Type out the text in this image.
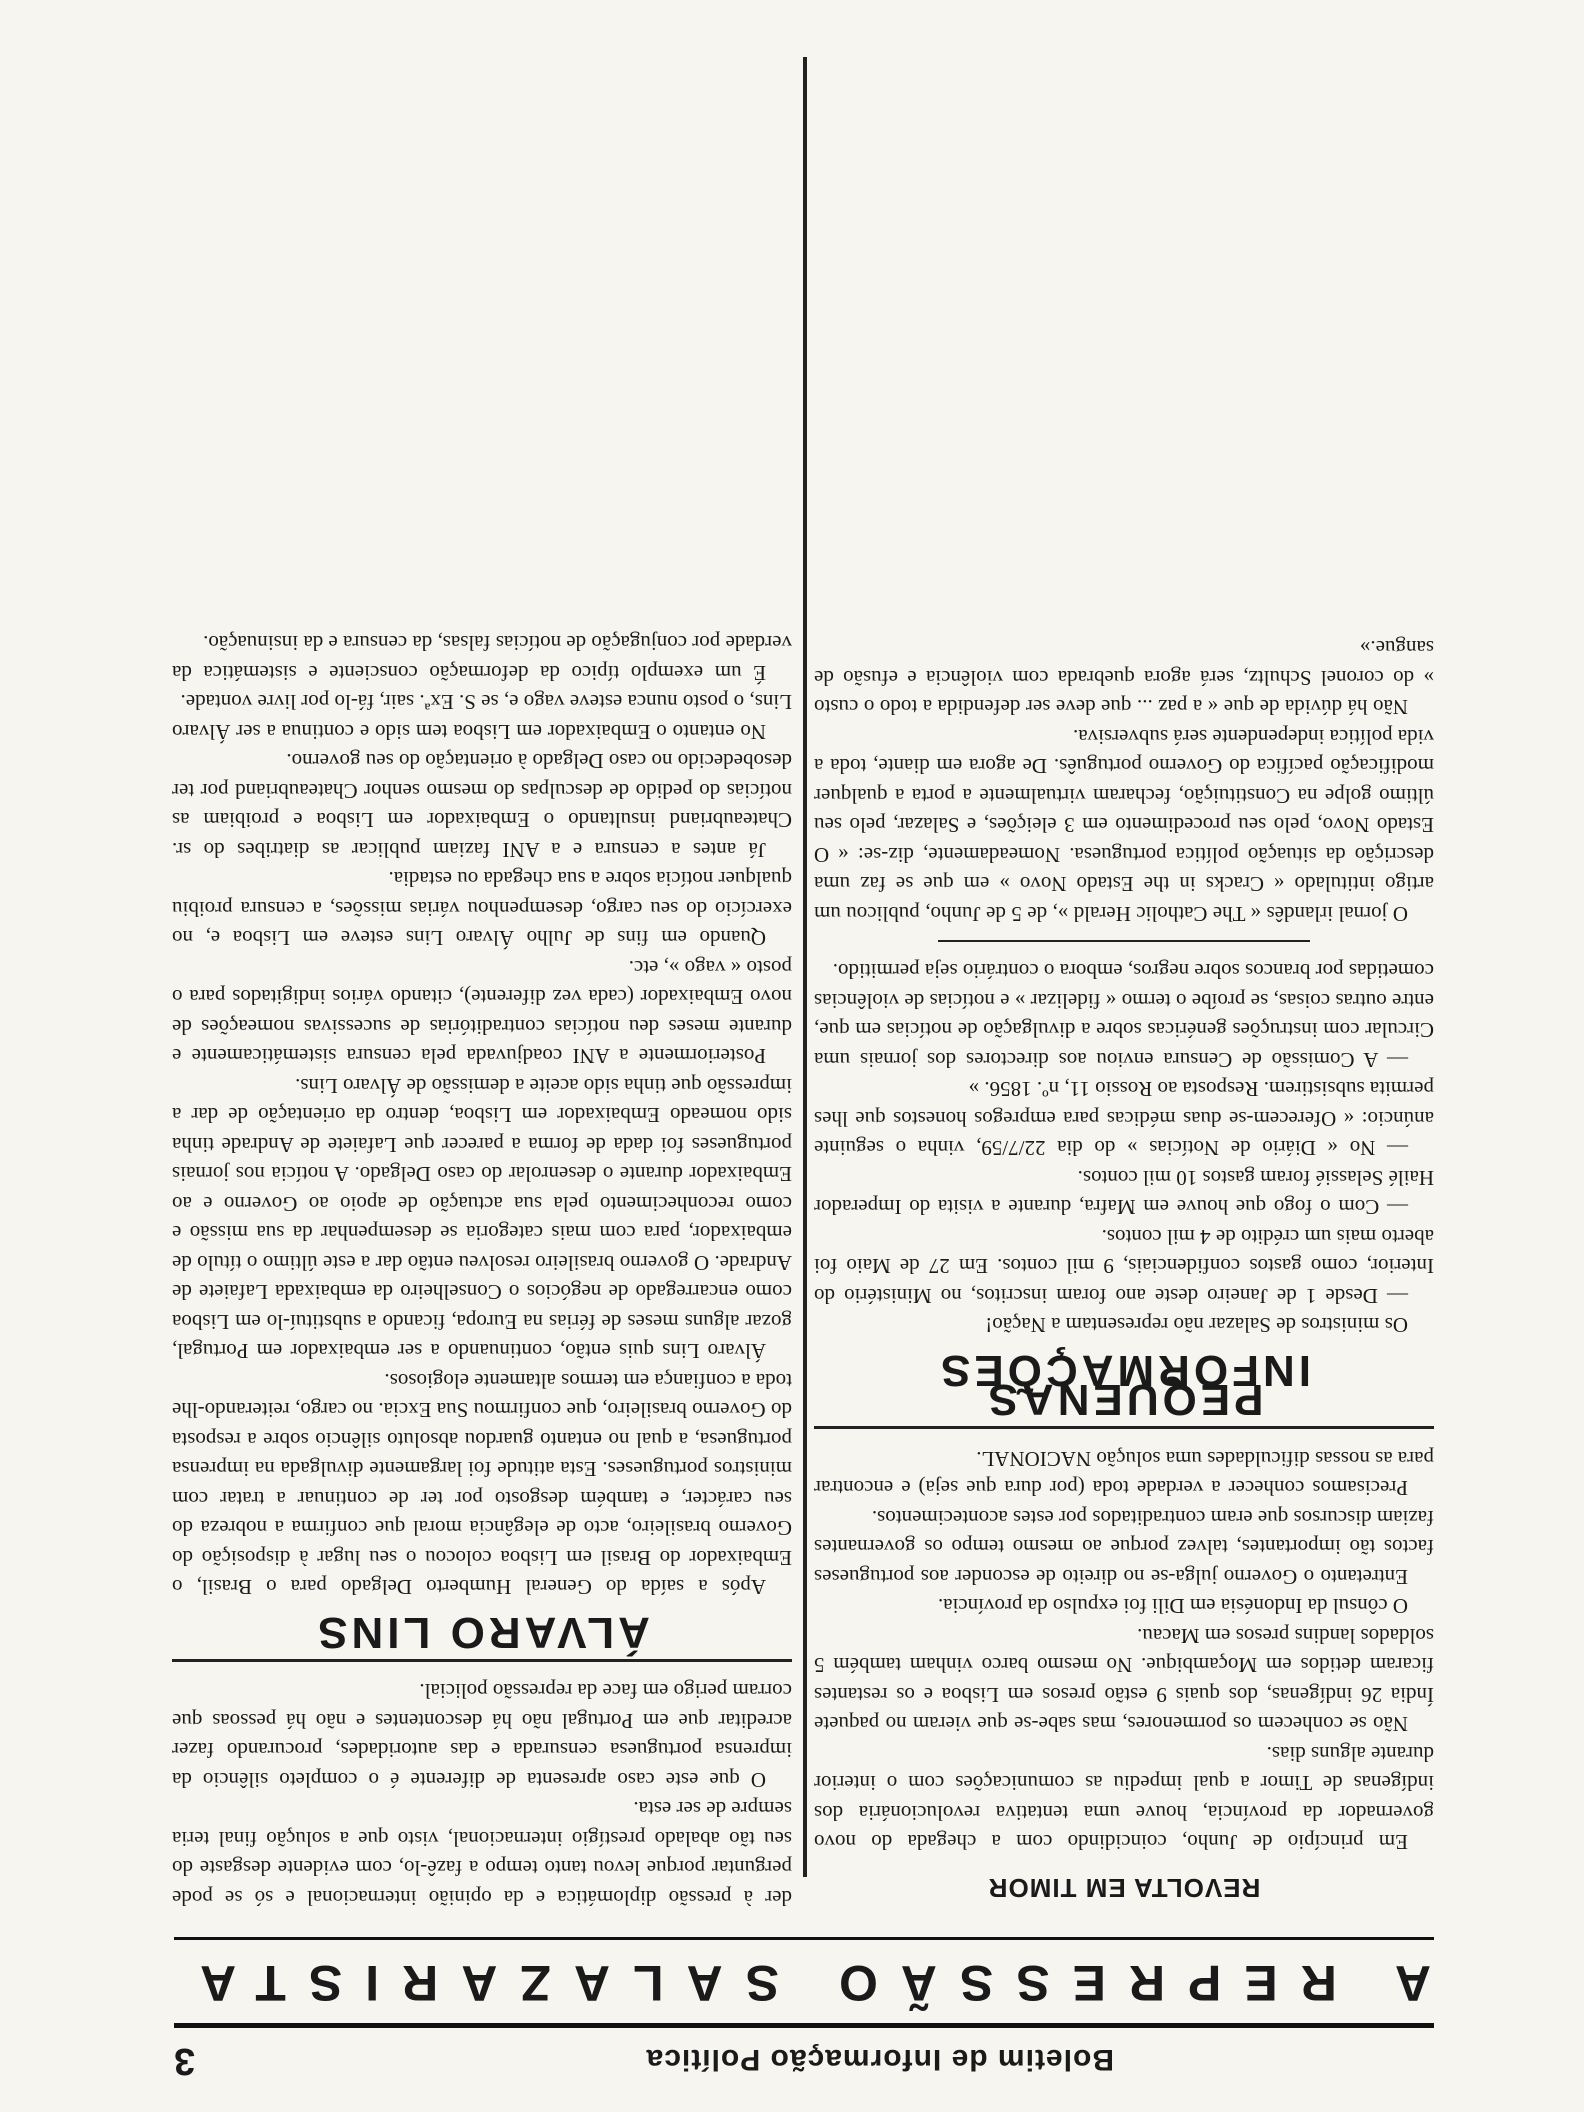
Boletim de Informação Política
3
A REPRESSÃO SALAZARISTA
REVOLTA EM TIMOR

Em princípio de Junho, coincidindo com a chegada do novo governador da província, houve uma tentativa revolucionária dos indígenas de Timor a qual impediu as comunicações com o interior durante alguns dias.

Não se conhecem os pormenores, mas sabe-se que vieram no paquete Índia 26 indígenas, dos quais 9 estão presos em Lisboa e os restantes ficaram detidos em Moçambique. No mesmo barco vinham também 5 soldados landins presos em Macau.

O cônsul da Indonésia em Dili foi expulso da província.

Entretanto o Governo julga-se no direito de esconder aos portugueses factos tão importantes, talvez porque ao mesmo tempo os governantes faziam discursos que eram contraditados por estes acontecimentos.

Precisamos conhecer a verdade toda (por dura que seja) e encontrar para as nossas dificuldades uma solução NACIONAL.

PEQUENAS INFORMAÇÕES

Os ministros de Salazar não representam a Nação!

— Desde 1 de Janeiro deste ano foram inscritos, no Ministério do Interior, como gastos confidenciais, 9 mil contos. Em 27 de Maio foi aberto mais um crédito de 4 mil contos.

— Com o fogo que houve em Mafra, durante a visita do Imperador Hailé Selassié foram gastos 10 mil contos.

— No « Diário de Notícias » do dia 22/7/59, vinha o seguinte anúncio: « Oferecem-se duas médicas para empregos honestos que lhes permita subsistirem. Resposta ao Rossio 11, nº. 1856. »

— A Comissão de Censura enviou aos directores dos jornais uma Circular com instruções genéricas sobre a divulgação de notícias em que, entre outras coisas, se proíbe o termo « fidelizar » e notícias de violências cometidas por brancos sobre negros, embora o contrário seja permitido.

O jornal irlandês « The Catholic Herald », de 5 de Junho, publicou um artigo intitulado « Cracks in the Estado Novo » em que se faz uma descrição da situação política portuguesa. Nomeadamente, diz-se: « O Estado Novo, pelo seu procedimento em 3 eleições, e Salazar, pelo seu último golpe na Constituição, fecharam virtualmente a porta a qualquer modificação pacífica do Governo português. De agora em diante, toda a vida política independente será subversiva.

Não há dúvida de que « a paz ... que deve ser defendida a todo o custo » do coronel Schultz, será agora quebrada com violência e efusão de sangue.»

der à pressão diplomática e da opinião internacional e só se pode perguntar porque levou tanto tempo a fazê-lo, com evidente desgaste do seu tão abalado prestígio internacional, visto que a solução final teria sempre de ser esta.

O que este caso apresenta de diferente é o completo silêncio da imprensa portuguesa censurada e das autoridades, procurando fazer acreditar que em Portugal não há descontentes e não há pessoas que corram perigo em face da repressão policial.

ÁLVARO LINS

Após a saída do General Humberto Delgado para o Brasil, o Embaixador do Brasil em Lisboa colocou o seu lugar à disposição do Governo brasileiro, acto de elegância moral que confirma a nobreza do seu carácter, e também desgosto por ter de continuar a tratar com ministros portugueses. Esta atitude foi largamente divulgada na imprensa portuguesa, a qual no entanto guardou absoluto silêncio sobre a resposta do Governo brasileiro, que confirmou Sua Excia. no cargo, reiterando-lhe toda a confiança em termos altamente elogiosos.

Álvaro Lins quis então, continuando a ser embaixador em Portugal, gozar alguns meses de férias na Europa, ficando a substituí-lo em Lisboa como encarregado de negócios o Conselheiro da embaixada Lafaiete de Andrade. O governo brasileiro resolveu então dar a este último o título de embaixador, para com mais categoria se desempenhar da sua missão e como reconhecimento pela sua actuação de apoio ao Governo e ao Embaixador durante o desenrolar do caso Delgado. A notícia nos jornais portugueses foi dada de forma a parecer que Lafaiete de Andrade tinha sido nomeado Embaixador em Lisboa, dentro da orientação de dar a impressão que tinha sido aceite a demissão de Álvaro Lins.

Posteriormente a ANI coadjuvada pela censura sistemáticamente e durante meses deu notícias contraditórias de sucessivas nomeações de novo Embaixador (cada vez diferente), citando vários indigitados para o posto « vago », etc.

Quando em fins de Julho Álvaro Lins esteve em Lisboa e, no exercício do seu cargo, desempenhou várias missões, a censura proibiu qualquer notícia sobre a sua chegada ou estadia.

Já antes a censura e a ANI faziam publicar as diatribes do sr. Chateaubriand insultando o Embaixador em Lisboa e proibiam as notícias do pedido de desculpas do mesmo senhor Chateaubriand por ter desobedecido no caso Delgado à orientação do seu governo.

No entanto o Embaixador em Lisboa tem sido e continua a ser Álvaro Lins, o posto nunca esteve vago e, se S. Exª. sair, fá-lo por livre vontade.

É um exemplo típico da deformação consciente e sistemática da verdade por conjugação de notícias falsas, da censura e da insinuação.
